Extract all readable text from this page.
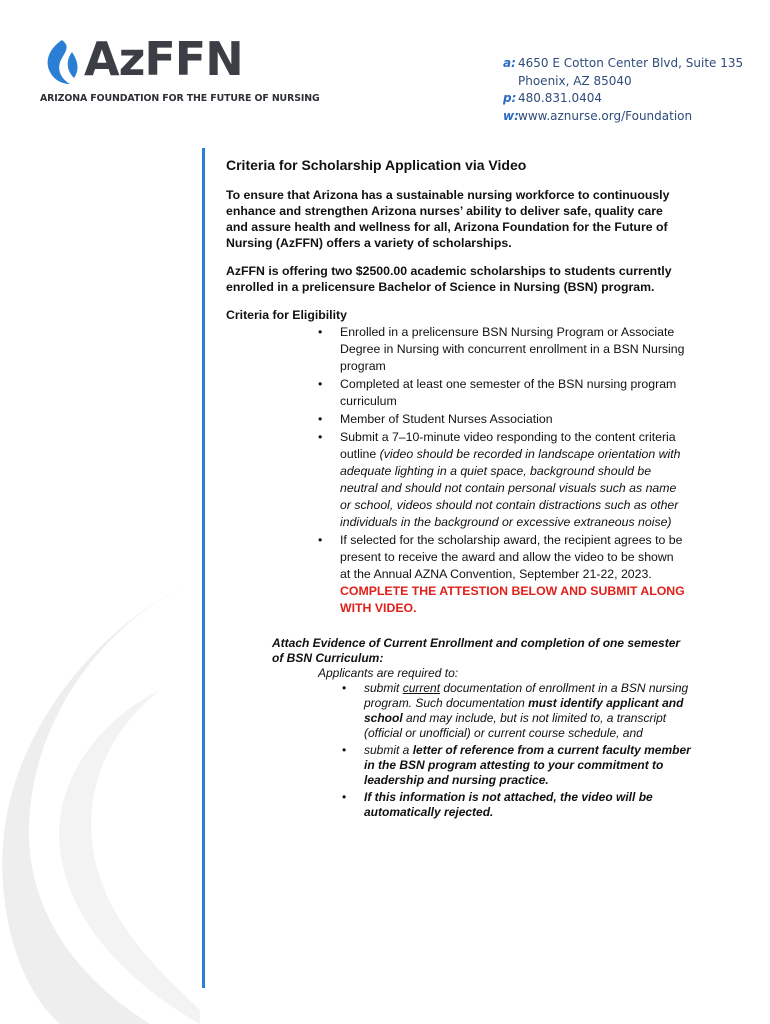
AzFFN
ARIZONA FOUNDATION FOR THE FUTURE OF NURSING
a: 4650 E Cotton Center Blvd, Suite 135
Phoenix, AZ 85040
p: 480.831.0404
w:www.aznurse.org/Foundation
Criteria for Scholarship Application via Video

To ensure that Arizona has a sustainable nursing workforce to continuously enhance and strengthen Arizona nurses’ ability to deliver safe, quality care and assure health and wellness for all, Arizona Foundation for the Future of Nursing (AzFFN) offers a variety of scholarships.

AzFFN is offering two $2500.00 academic scholarships to students currently enrolled in a prelicensure Bachelor of Science in Nursing (BSN) program.

Criteria for Eligibility
• Enrolled in a prelicensure BSN Nursing Program or Associate Degree in Nursing with concurrent enrollment in a BSN Nursing program
• Completed at least one semester of the BSN nursing program curriculum
• Member of Student Nurses Association
• Submit a 7–10-minute video responding to the content criteria outline (video should be recorded in landscape orientation with adequate lighting in a quiet space, background should be neutral and should not contain personal visuals such as name or school, videos should not contain distractions such as other individuals in the background or excessive extraneous noise)
• If selected for the scholarship award, the recipient agrees to be present to receive the award and allow the video to be shown at the Annual AZNA Convention, September 21-22, 2023. COMPLETE THE ATTESTION BELOW AND SUBMIT ALONG WITH VIDEO.

Attach Evidence of Current Enrollment and completion of one semester of BSN Curriculum:

Applicants are required to:

• submit current documentation of enrollment in a BSN nursing program. Such documentation must identify applicant and school and may include, but is not limited to, a transcript (official or unofficial) or current course schedule, and
• submit a letter of reference from a current faculty member in the BSN program attesting to your commitment to leadership and nursing practice.
• If this information is not attached, the video will be automatically rejected.
